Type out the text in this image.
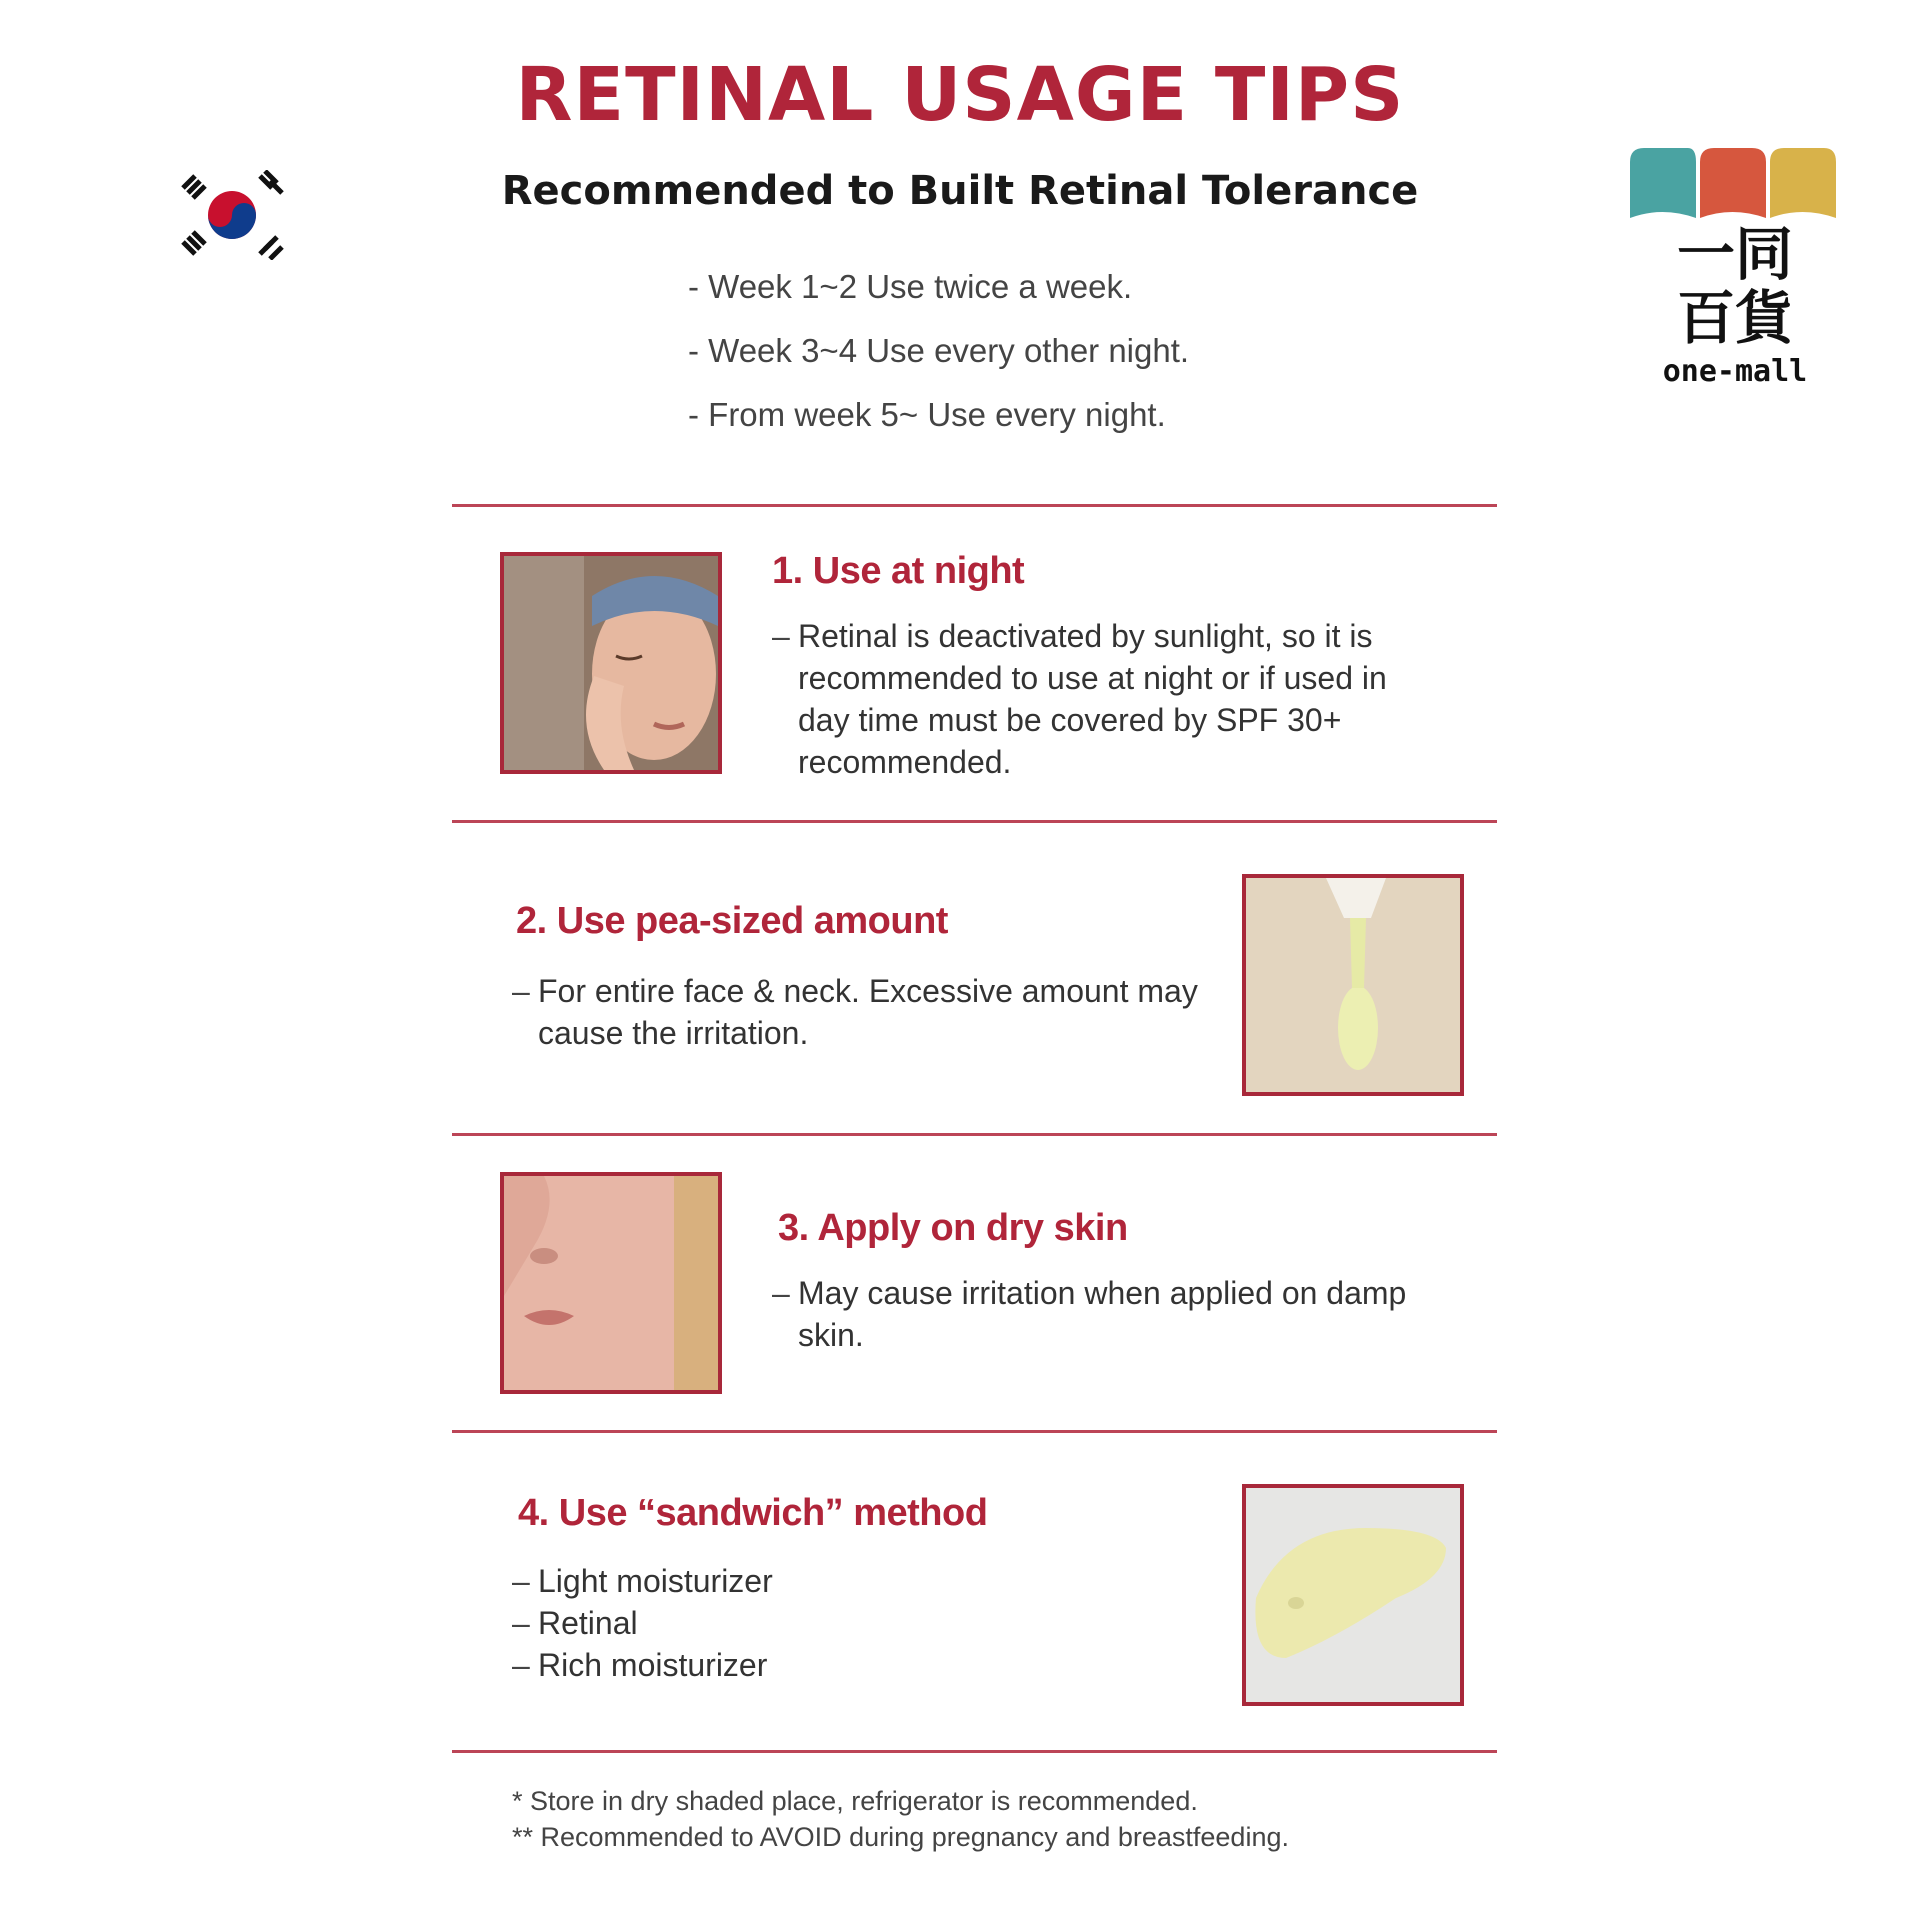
一同
百貨
one-mall
RETINAL USAGE TIPS
Recommended to Built Retinal Tolerance
- Week 1~2 Use twice a week.
- Week 3~4 Use every other night.
- From week 5~ Use every night.
1. Use at night
– Retinal is deactivated by sunlight, so it is recommended to use at night or if used in day time must be covered by SPF 30+ recommended.
2. Use pea-sized amount
– For entire face & neck. Excessive amount may cause the irritation.
3. Apply on dry skin
– May cause irritation when applied on damp skin.
4. Use “sandwich” method
– Light moisturizer
– Retinal
– Rich moisturizer
* Store in dry shaded place, refrigerator is recommended.
** Recommended to AVOID during pregnancy and breastfeeding.
